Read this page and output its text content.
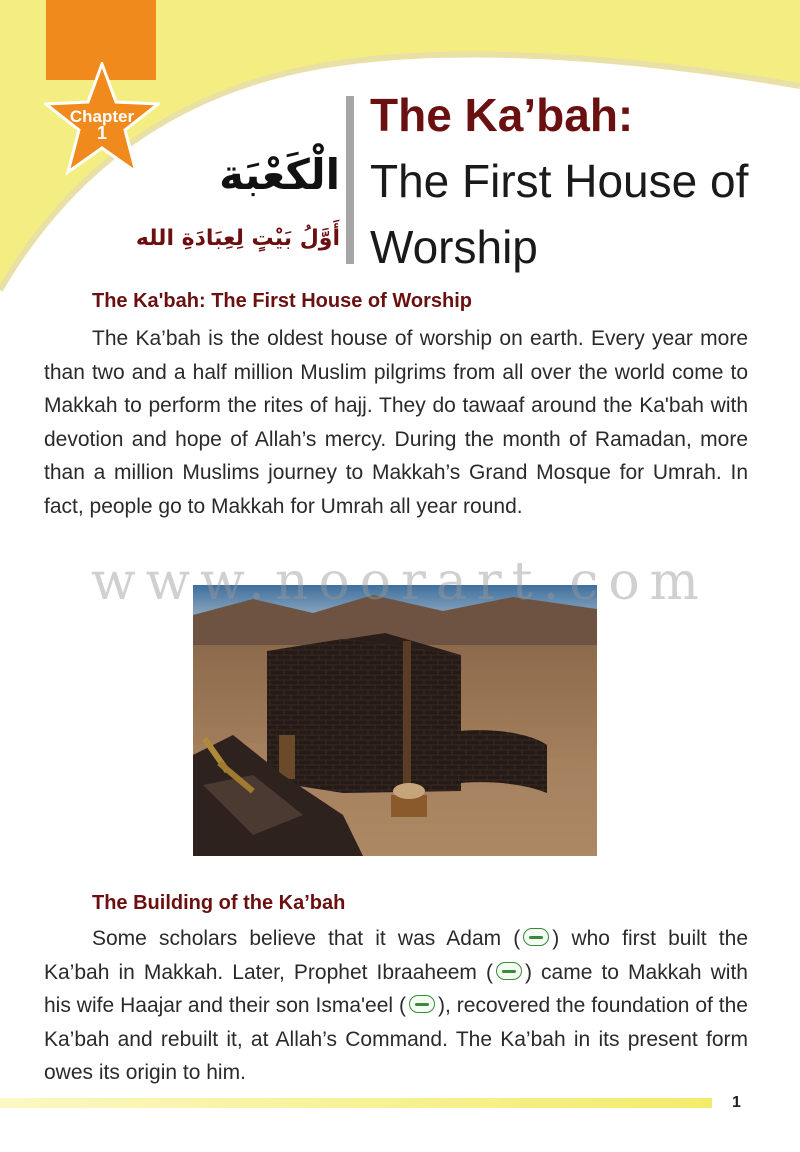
Chapter
1
الْكَعْبَة
أَوَّلُ بَيْتٍ لِعِبَادَةِ الله
The Ka’bah:
The First House of
Worship
The Ka'bah: The First House of Worship

The Ka’bah is the oldest house of worship on earth. Every year more than two and a half million Muslim pilgrims from all over the world come to Makkah to perform the rites of hajj. They do tawaaf around the Ka'bah with devotion and hope of Allah’s mercy. During the month of Ramadan, more than a million Muslims journey to Makkah’s Grand Mosque for Umrah. In fact, people go to Makkah for Umrah all year round.

www.noorart.com
The Building of the Ka’bah

Some scholars believe that it was Adam ( ) who first built the Ka’bah in Makkah. Later, Prophet Ibraaheem ( ) came to Makkah with his wife Haajar and their son Isma'eel ( ), recovered the foundation of the Ka’bah and rebuilt it, at Allah’s Command. The Ka’bah in its present form owes its origin to him.

1
